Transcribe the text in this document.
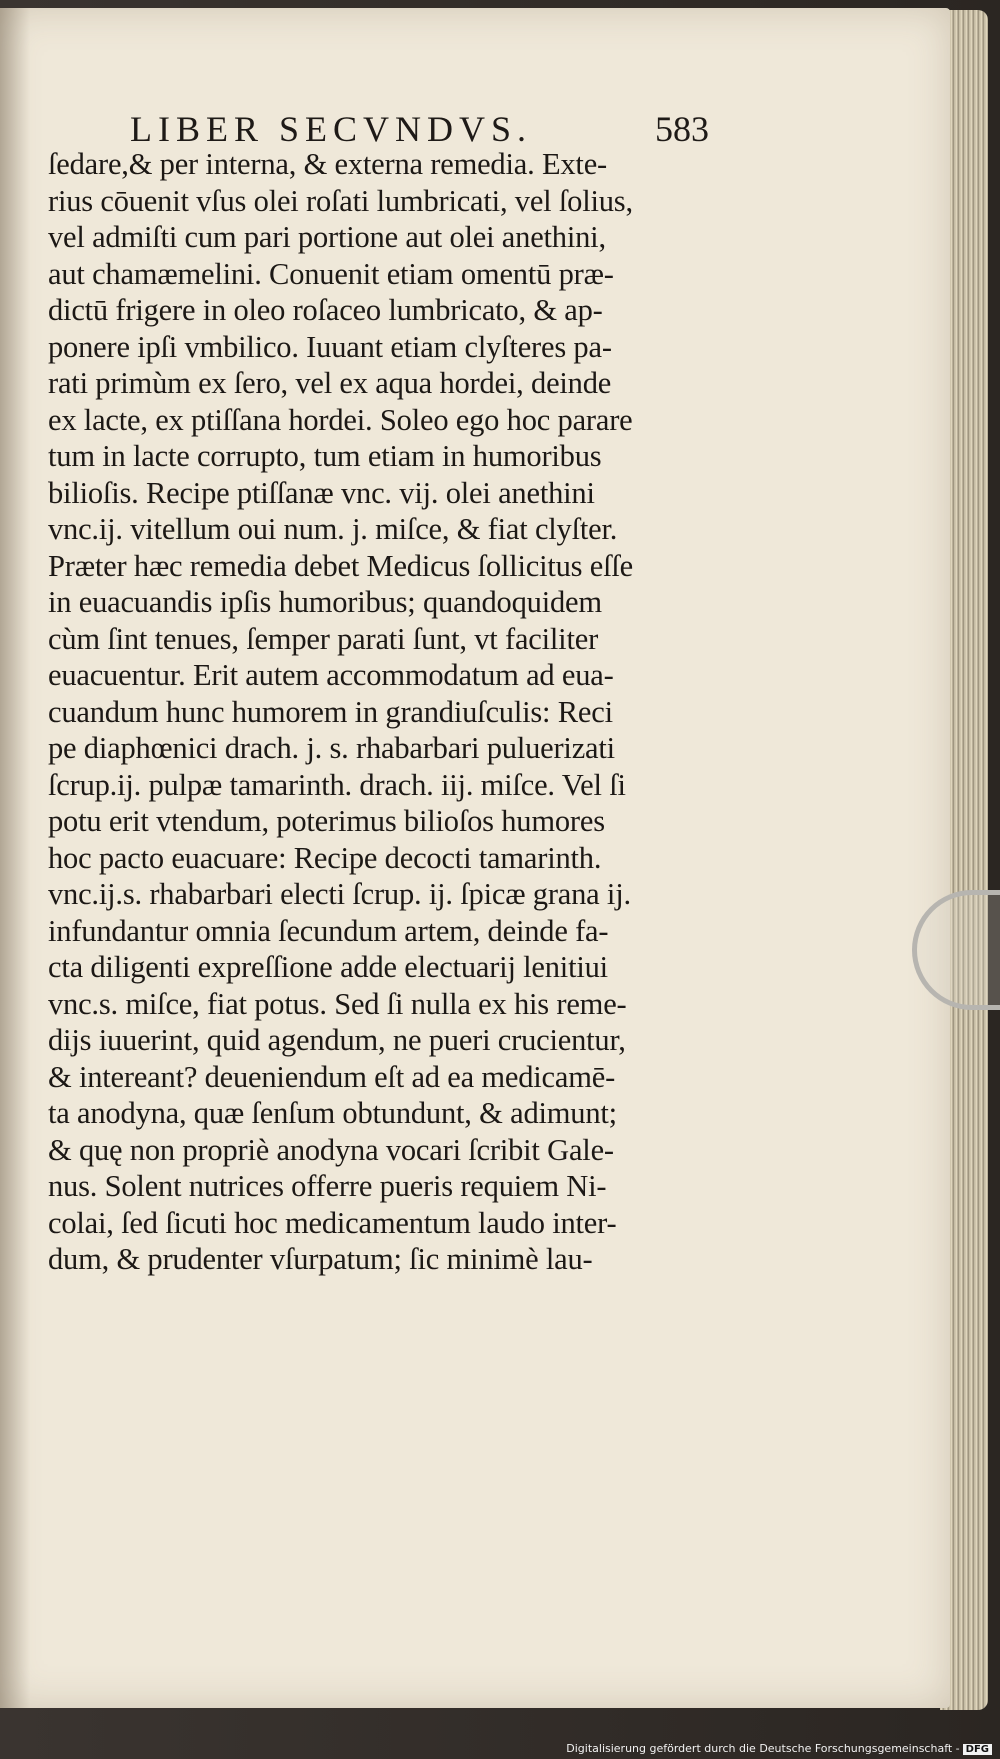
LIBER SECVNDVS.	583
ſedare,& per interna, & externa remedia. Exte-
rius cōuenit vſus olei roſati lumbricati, vel ſolius,
vel admiſti cum pari portione aut olei anethini,
aut chamæmelini. Conuenit etiam omentū præ-
dictū frigere in oleo roſaceo lumbricato, & ap-
ponere ipſi vmbilico. Iuuant etiam clyſteres pa-
rati primùm ex ſero, vel ex aqua hordei, deinde
ex lacte, ex ptiſſana hordei. Soleo ego hoc parare
tum in lacte corrupto, tum etiam in humoribus
bilioſis. Recipe ptiſſanæ vnc. vij. olei anethini
vnc.ij. vitellum oui num. j. miſce, & fiat clyſter.
Præter hæc remedia debet Medicus ſollicitus eſſe
in euacuandis ipſis humoribus; quandoquidem
cùm ſint tenues, ſemper parati ſunt, vt faciliter
euacuentur. Erit autem accommodatum ad eua-
cuandum hunc humorem in grandiuſculis: Reci
pe diaphœnici drach. j. s. rhabarbari puluerizati
ſcrup.ij. pulpæ tamarinth. drach. iij. miſce. Vel ſi
potu erit vtendum, poterimus bilioſos humores
hoc pacto euacuare: Recipe decocti tamarinth.
vnc.ij.s. rhabarbari electi ſcrup. ij. ſpicæ grana ij.
infundantur omnia ſecundum artem, deinde fa-
cta diligenti expreſſione adde electuarij lenitiui
vnc.s. miſce, fiat potus. Sed ſi nulla ex his reme-
dijs iuuerint, quid agendum, ne pueri crucientur,
& intereant? deueniendum eſt ad ea medicamē-
ta anodyna, quæ ſenſum obtundunt, & adimunt;
& quę non propriè anodyna vocari ſcribit Gale-
nus. Solent nutrices offerre pueris requiem Ni-
colai, ſed ſicuti hoc medicamentum laudo inter-
dum, & prudenter vſurpatum; ſic minimè lau-
Digitalisierung gefördert durch die Deutsche Forschungsgemeinschaft - DFG
